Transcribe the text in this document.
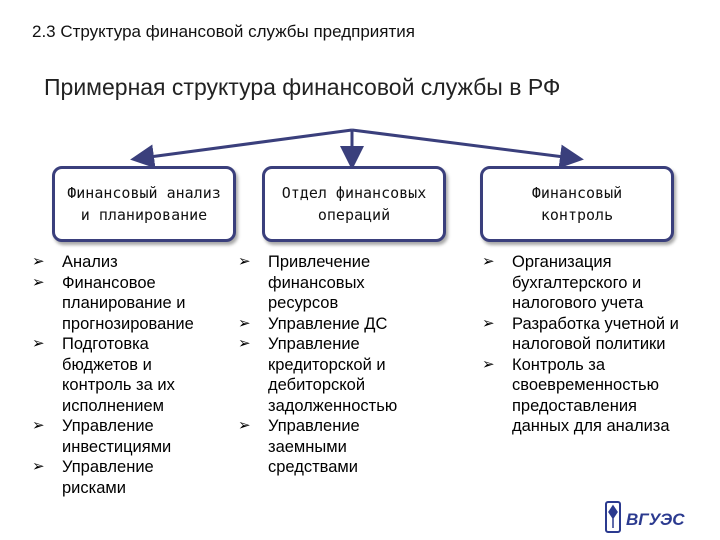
2.3 Структура финансовой службы предприятия
Примерная структура финансовой службы в РФ
Финансовый анализ
и планирование
Отдел финансовых
операций
Финансовый
контроль
➢	Анализ
➢	Финансовое
планирование и
прогнозирование
➢	Подготовка
бюджетов и
контроль за их
исполнением
➢	Управление
инвестициями
➢	Управление
рисками
➢	Привлечение
финансовых
ресурсов
➢	Управление ДС
➢	Управление
кредиторской и
дебиторской
задолженностью
➢	Управление
заемными
средствами
➢	Организация
бухгалтерского и
налогового учета
➢	Разработка учетной и
налоговой политики
➢	Контроль за
своевременностью
предоставления
данных для анализа
ВГУЭС
